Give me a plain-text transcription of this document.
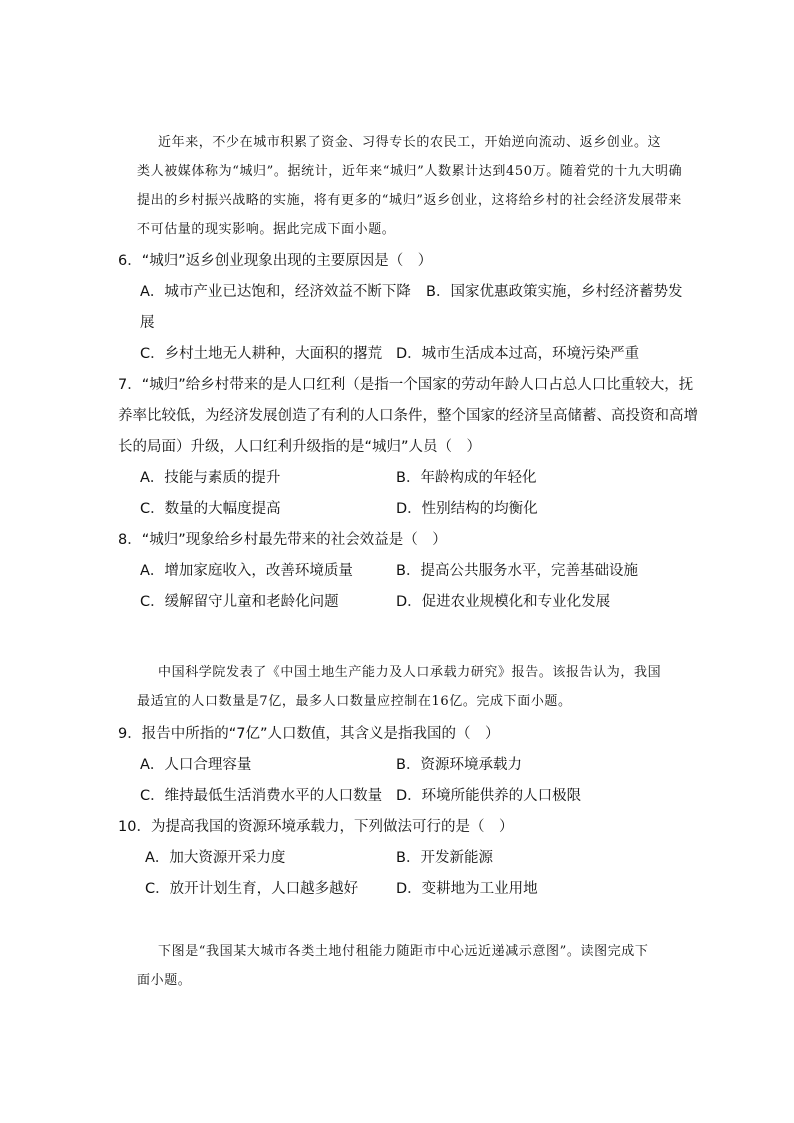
近年来，不少在城市积累了资金、习得专长的农民工，开始逆向流动、返乡创业。这
类人被媒体称为“城归”。据统计，近年来“城归”人数累计达到450万。随着党的十九大明确
提出的乡村振兴战略的实施，将有更多的“城归”返乡创业，这将给乡村的社会经济发展带来
不可估量的现实影响。据此完成下面小题。
6．“城归”返乡创业现象出现的主要原因是（　）
A．城市产业已达饱和，经济效益不断下降 B．国家优惠政策实施，乡村经济蓄势发
展
C．乡村土地无人耕种，大面积的撂荒 D．城市生活成本过高，环境污染严重
7．“城归”给乡村带来的是人口红利（是指一个国家的劳动年龄人口占总人口比重较大，抚
养率比较低，为经济发展创造了有利的人口条件，整个国家的经济呈高储蓄、高投资和高增
长的局面）升级，人口红利升级指的是“城归”人员（　）
A．技能与素质的提升	B．年龄构成的年轻化
C．数量的大幅度提高	D．性别结构的均衡化
8．“城归”现象给乡村最先带来的社会效益是（　）
A．增加家庭收入，改善环境质量	B．提高公共服务水平，完善基础设施
C．缓解留守儿童和老龄化问题	D．促进农业规模化和专业化发展
中国科学院发表了《中国土地生产能力及人口承载力研究》报告。该报告认为，我国
最适宜的人口数量是7亿，最多人口数量应控制在16亿。完成下面小题。
9．报告中所指的“7亿”人口数值，其含义是指我国的（　）
A．人口合理容量	B．资源环境承载力
C．维持最低生活消费水平的人口数量 D．环境所能供养的人口极限
10．为提高我国的资源环境承载力，下列做法可行的是（　）
A．加大资源开采力度	B．开发新能源
C．放开计划生育，人口越多越好	D．变耕地为工业用地
下图是“我国某大城市各类土地付租能力随距市中心远近递减示意图”。读图完成下
面小题。
